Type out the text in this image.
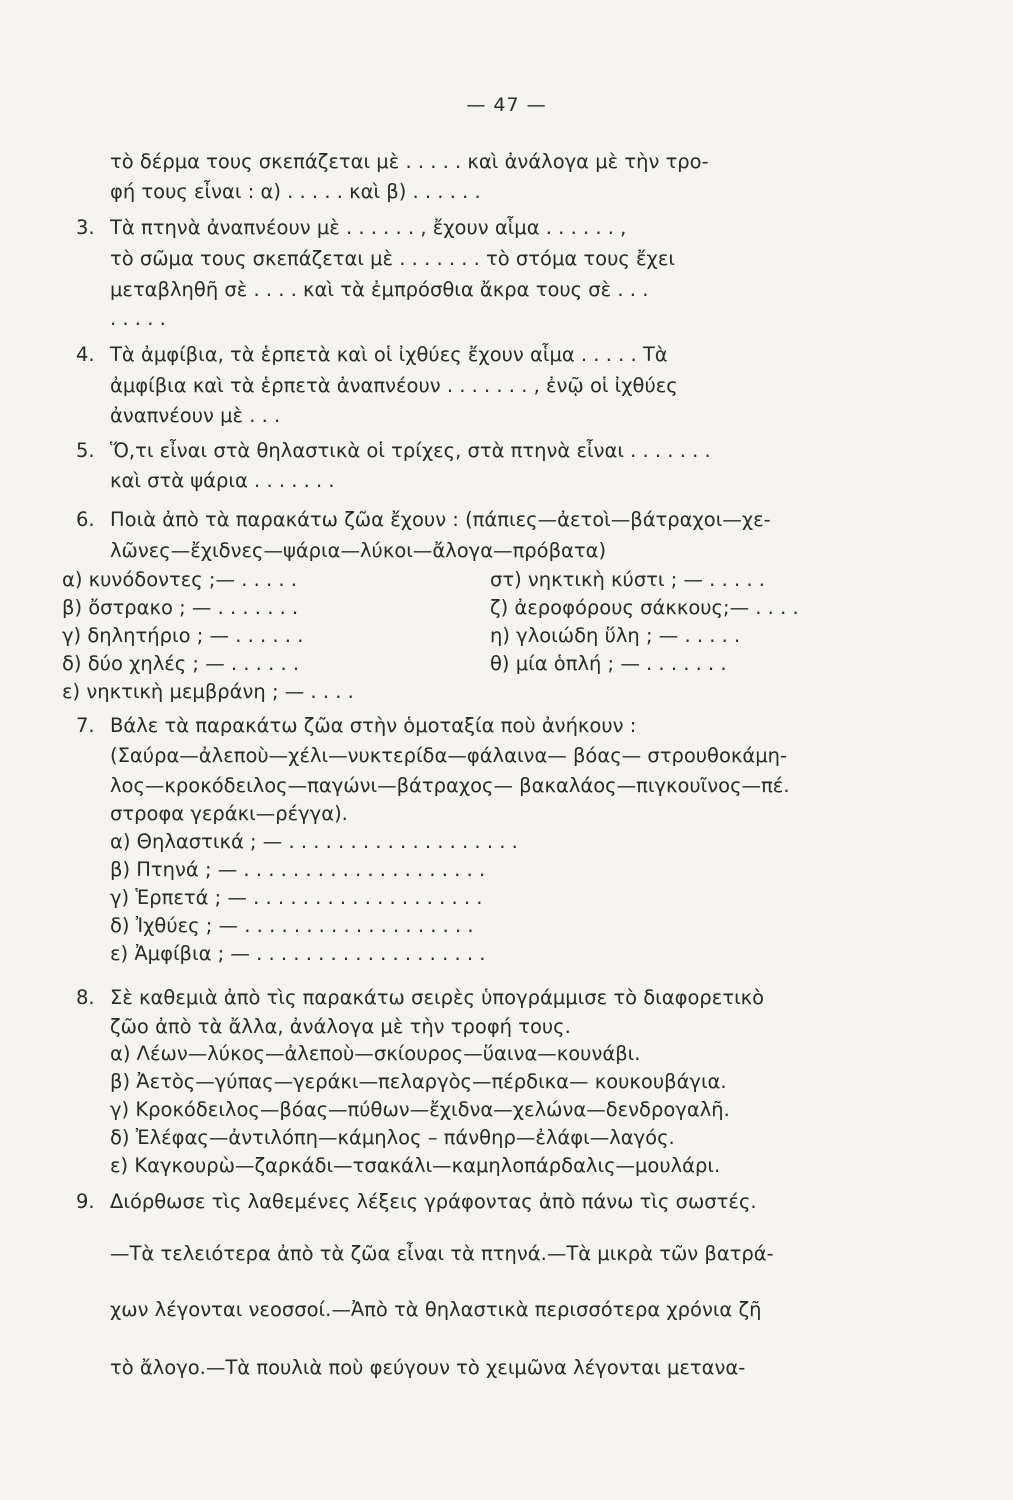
— 47 —
τὸ δέρμα τους σκεπάζεται μὲ . . . . . καὶ ἀνάλογα μὲ τὴν τρο-
φή τους εἶναι : α) . . . . . καὶ β) . . . . . .
3. Τὰ πτηνὰ ἀναπνέουν μὲ . . . . . . , ἔχουν αἷμα . . . . . . ,
τὸ σῶμα τους σκεπάζεται μὲ . . . . . . . τὸ στόμα τους ἔχει
μεταβληθῆ σὲ . . . . καὶ τὰ ἐμπρόσθια ἄκρα τους σὲ . . .
. . . . .
4. Τὰ ἀμφίβια, τὰ ἑρπετὰ καὶ οἱ ἰχθύες ἔχουν αἷμα . . . . . Τὰ
ἀμφίβια καὶ τὰ ἑρπετὰ ἀναπνέουν . . . . . . . , ἐνῷ οἱ ἰχθύες
ἀναπνέουν μὲ . . .
5. Ὅ,τι εἶναι στὰ θηλαστικὰ οἱ τρίχες, στὰ πτηνὰ εἶναι . . . . . . .
καὶ στὰ ψάρια . . . . . . .
6. Ποιὰ ἀπὸ τὰ παρακάτω ζῶα ἔχουν : (πάπιες—ἀετοὶ—βάτραχοι—χε-
λῶνες—ἔχιδνες—ψάρια—λύκοι—ἄλογα—πρόβατα)
α) κυνόδοντες ;— . . . . .	στ) νηκτικὴ κύστι ; — . . . . .
β) ὄστρακο ; — . . . . . . .	ζ) ἀεροφόρους σάκκους;— . . . .
γ) δηλητήριο ; — . . . . . .	η) γλοιώδη ὕλη ; — . . . . .
δ) δύο χηλές ; — . . . . . .	θ) μία ὁπλή ; — . . . . . . .
ε) νηκτικὴ μεμβράνη ; — . . . .
7. Βάλε τὰ παρακάτω ζῶα στὴν ὁμοταξία ποὺ ἀνήκουν :
(Σαύρα—ἀλεποὺ—χέλι—νυκτερίδα—φάλαινα— βόας— στρουθοκάμη-
λος—κροκόδειλος—παγώνι—βάτραχος— βακαλάος—πιγκουῖνος—πέ.
στροφα γεράκι—ρέγγα).
α) Θηλαστικά ; — . . . . . . . . . . . . . . . . . . .
β) Πτηνά ; — . . . . . . . . . . . . . . . . . . . .
γ) Ἑρπετά ; — . . . . . . . . . . . . . . . . . . .
δ) Ἰχθύες ; — . . . . . . . . . . . . . . . . . . .
ε) Ἀμφίβια ; — . . . . . . . . . . . . . . . . . . .
8. Σὲ καθεμιὰ ἀπὸ τὶς παρακάτω σειρὲς ὑπογράμμισε τὸ διαφορετικὸ
ζῶο ἀπὸ τὰ ἄλλα, ἀνάλογα μὲ τὴν τροφή τους.
α) Λέων—λύκος—ἀλεποὺ—σκίουρος—ὕαινα—κουνάβι.
β) Ἀετὸς—γύπας—γεράκι—πελαργὸς—πέρδικα— κουκουβάγια.
γ) Κροκόδειλος—βόας—πύθων—ἔχιδνα—χελώνα—δενδρογαλῆ.
δ) Ἐλέφας—ἀντιλόπη—κάμηλος – πάνθηρ—ἐλάφι—λαγός.
ε) Καγκουρὼ—ζαρκάδι—τσακάλι—καμηλοπάρδαλις—μουλάρι.
9. Διόρθωσε τὶς λαθεμένες λέξεις γράφοντας ἀπὸ πάνω τὶς σωστές.
—Τὰ τελειότερα ἀπὸ τὰ ζῶα εἶναι τὰ πτηνά.—Τὰ μικρὰ τῶν βατρά-
χων λέγονται νεοσσοί.—Ἀπὸ τὰ θηλαστικὰ περισσότερα χρόνια ζῆ
τὸ ἄλογο.—Τὰ πουλιὰ ποὺ φεύγουν τὸ χειμῶνα λέγονται μετανα-
